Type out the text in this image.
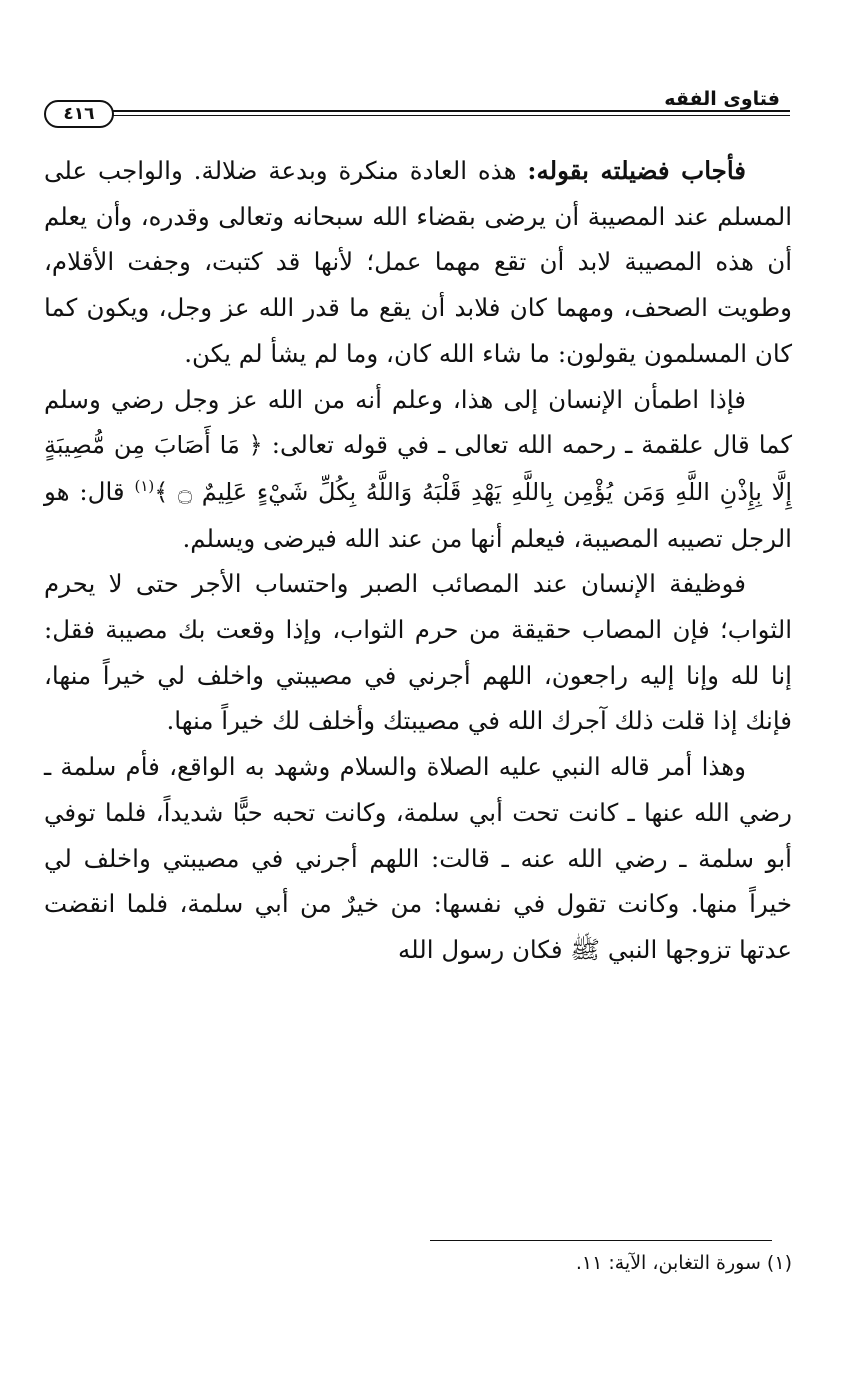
فتاوى الفقه
٤١٦

فأجاب فضيلته بقوله: هذه العادة منكرة وبدعة ضلالة. والواجب على المسلم عند المصيبة أن يرضى بقضاء الله سبحانه وتعالى وقدره، وأن يعلم أن هذه المصيبة لابد أن تقع مهما عمل؛ لأنها قد كتبت، وجفت الأقلام، وطويت الصحف، ومهما كان فلابد أن يقع ما قدر الله عز وجل، ويكون كما كان المسلمون يقولون: ما شاء الله كان، وما لم يشأ لم يكن.

فإذا اطمأن الإنسان إلى هذا، وعلم أنه من الله عز وجل رضي وسلم كما قال علقمة ـ رحمه الله تعالى ـ في قوله تعالى: ﴿ مَا أَصَابَ مِن مُّصِيبَةٍ إِلَّا بِإِذْنِ اللَّهِ وَمَن يُؤْمِن بِاللَّهِ يَهْدِ قَلْبَهُ وَاللَّهُ بِكُلِّ شَيْءٍ عَلِيمٌ ۝ ﴾$^{(١)}$ قال: هو الرجل تصيبه المصيبة، فيعلم أنها من عند الله فيرضى ويسلم.

فوظيفة الإنسان عند المصائب الصبر واحتساب الأجر حتى لا يحرم الثواب؛ فإن المصاب حقيقة من حرم الثواب، وإذا وقعت بك مصيبة فقل: إنا لله وإنا إليه راجعون، اللهم أجرني في مصيبتي واخلف لي خيراً منها، فإنك إذا قلت ذلك آجرك الله في مصيبتك وأخلف لك خيراً منها.

وهذا أمر قاله النبي عليه الصلاة والسلام وشهد به الواقع، فأم سلمة ـ رضي الله عنها ـ كانت تحت أبي سلمة، وكانت تحبه حبًّا شديداً، فلما توفي أبو سلمة ـ رضي الله عنه ـ قالت: اللهم أجرني في مصيبتي واخلف لي خيراً منها. وكانت تقول في نفسها: من خيرٌ من أبي سلمة، فلما انقضت عدتها تزوجها النبي ﷺ فكان رسول الله

(١) سورة التغابن، الآية: ١١.
